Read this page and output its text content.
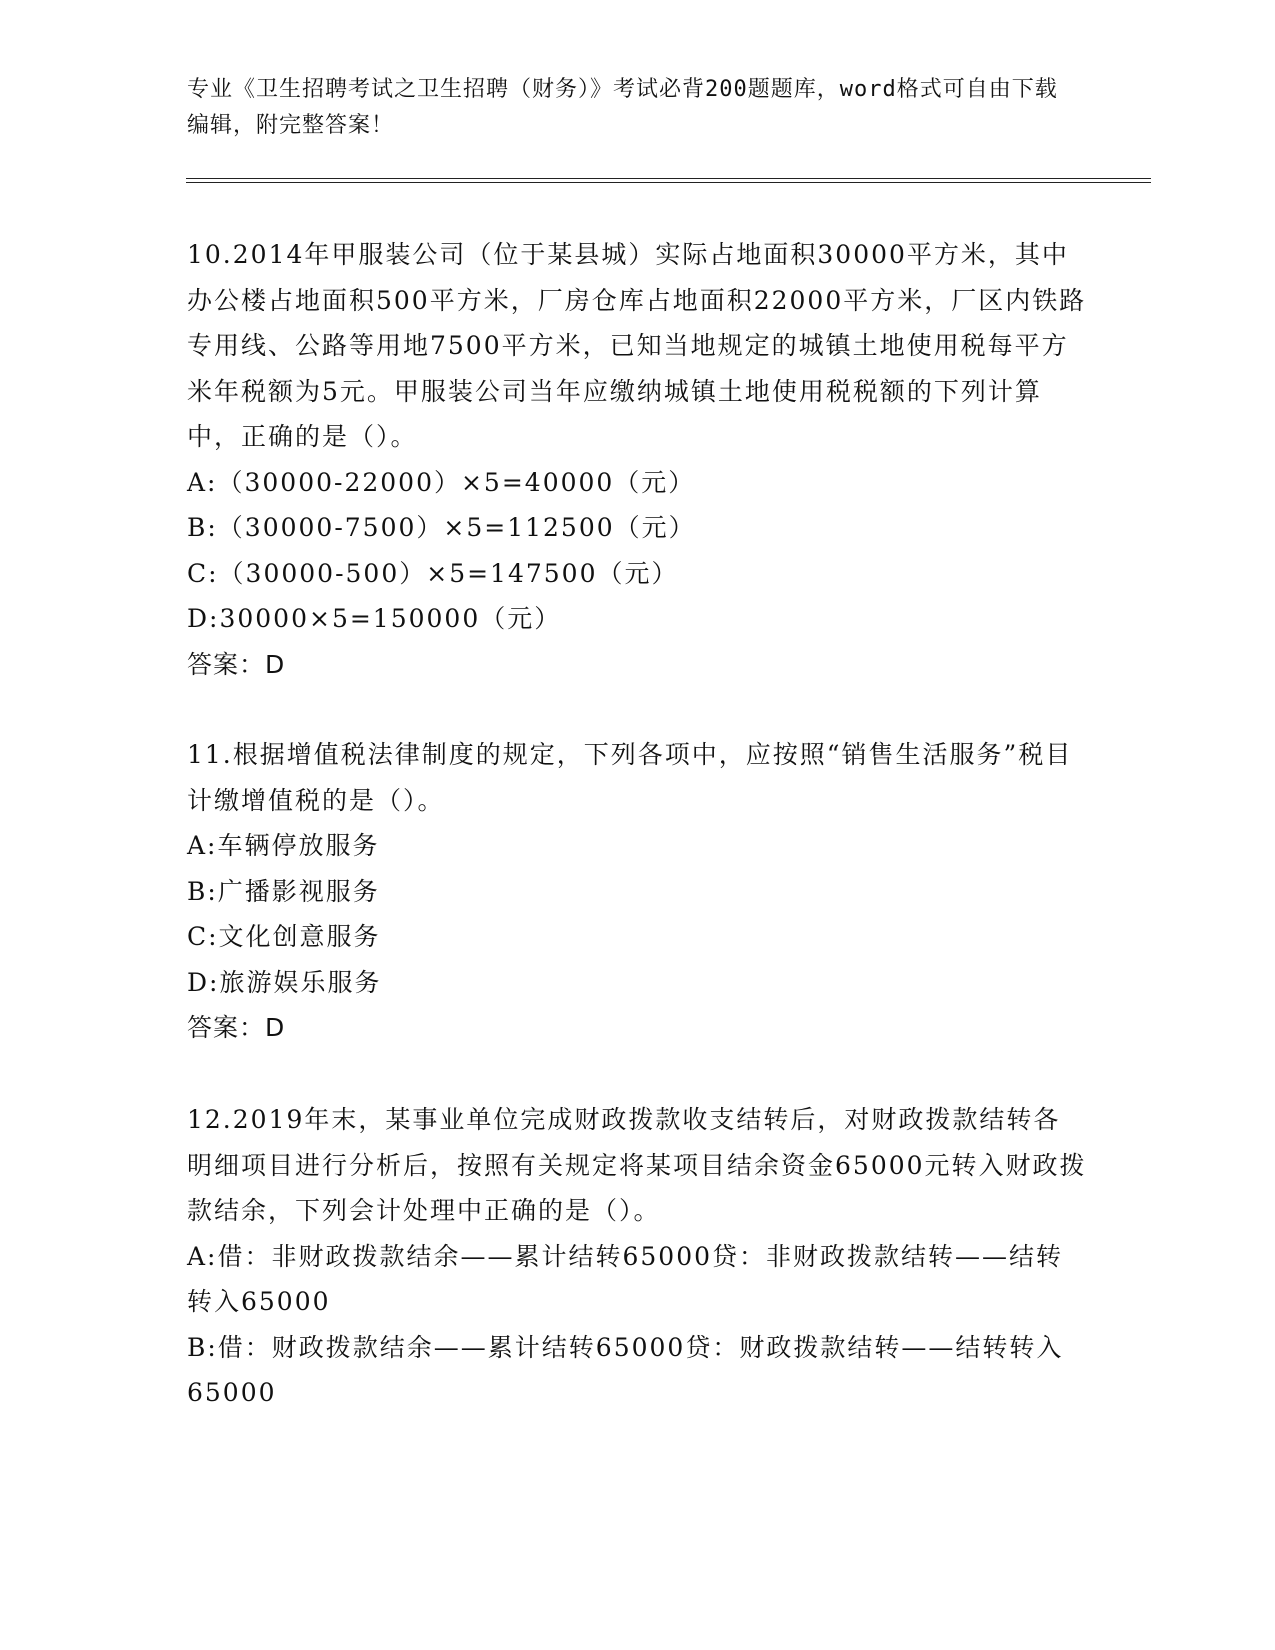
专业《卫生招聘考试之卫生招聘（财务）》考试必背200题题库，word格式可自由下载编辑，附完整答案！

10.2014年甲服装公司（位于某县城）实际占地面积30000平方米，其中办公楼占地面积500平方米，厂房仓库占地面积22000平方米，厂区内铁路专用线、公路等用地7500平方米，已知当地规定的城镇土地使用税每平方米年税额为5元。甲服装公司当年应缴纳城镇土地使用税税额的下列计算中，正确的是（）。

A:（30000-22000）×5=40000（元）

B:（30000-7500）×5=112500（元）

C:（30000-500）×5=147500（元）

D:30000×5=150000（元）

答案：D

11.根据增值税法律制度的规定，下列各项中，应按照“销售生活服务”税目计缴增值税的是（）。

A:车辆停放服务

B:广播影视服务

C:文化创意服务

D:旅游娱乐服务

答案：D

12.2019年末，某事业单位完成财政拨款收支结转后，对财政拨款结转各明细项目进行分析后，按照有关规定将某项目结余资金65000元转入财政拨款结余，下列会计处理中正确的是（）。

A:借：非财政拨款结余——累计结转65000贷：非财政拨款结转——结转转入65000

B:借：财政拨款结余——累计结转65000贷：财政拨款结转——结转转入65000
